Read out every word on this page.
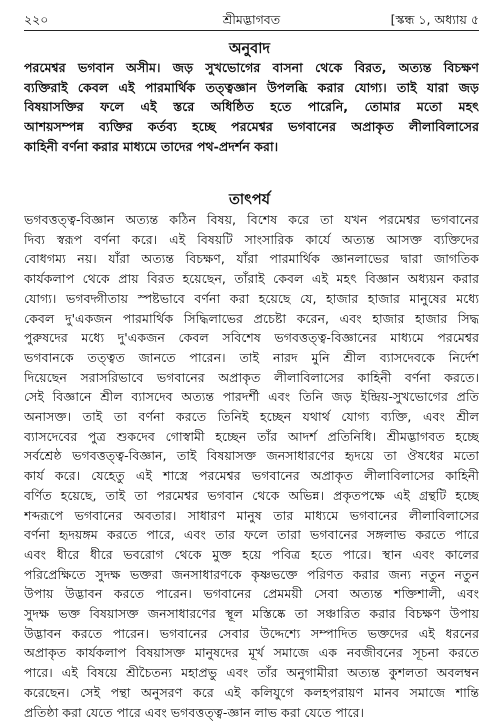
২২০	শ্রীমদ্ভাগবত	[স্কন্ধ ১, অধ্যায় ৫
অনুবাদ
পরমেশ্বর ভগবান অসীম। জড় সুখভোগের বাসনা থেকে বিরত, অত্যন্ত বিচক্ষণ
ব্যক্তিরাই কেবল এই পারমার্থিক তত্ত্বজ্ঞান উপলব্ধি করার যোগ্য। তাই যারা জড়
বিষয়াসক্তির ফলে এই স্তরে অধিষ্ঠিত হতে পারেনি, তোমার মতো মহৎ
আশয়সম্পন্ন ব্যক্তির কর্তব্য হচ্ছে পরমেশ্বর ভগবানের অপ্রাকৃত লীলাবিলাসের
কাহিনী বর্ণনা করার মাধ্যমে তাদের পথ-প্রদর্শন করা।
তাৎপর্য
ভগবত্তত্ত্ব-বিজ্ঞান অত্যন্ত কঠিন বিষয়, বিশেষ করে তা যখন পরমেশ্বর ভগবানের
দিব্য স্বরূপ বর্ণনা করে। এই বিষয়টি সাংসারিক কার্যে অত্যন্ত আসক্ত ব্যক্তিদের
বোধগম্য নয়। যাঁরা অত্যন্ত বিচক্ষণ, যাঁরা পারমার্থিক জ্ঞানলাভের দ্বারা জাগতিক
কার্যকলাপ থেকে প্রায় বিরত হয়েছেন, তাঁরাই কেবল এই মহৎ বিজ্ঞান অধ্যয়ন করার
যোগ্য। ভগবদ্গীতায় স্পষ্টভাবে বর্ণনা করা হয়েছে যে, হাজার হাজার মানুষের মধ্যে
কেবল দু'একজন পারমার্থিক সিদ্ধিলাভের প্রচেষ্টা করেন, এবং হাজার হাজার সিদ্ধ
পুরুষদের মধ্যে দু'একজন কেবল সবিশেষ ভগবত্তত্ত্ব-বিজ্ঞানের মাধ্যমে পরমেশ্বর
ভগবানকে তত্ত্বত জানতে পারেন। তাই নারদ মুনি শ্রীল ব্যাসদেবকে নির্দেশ
দিয়েছেন সরাসরিভাবে ভগবানের অপ্রাকৃত লীলাবিলাসের কাহিনী বর্ণনা করতে।
সেই বিজ্ঞানে শ্রীল ব্যাসদেব অত্যন্ত পারদর্শী এবং তিনি জড় ইন্দ্রিয়-সুখভোগের প্রতি
অনাসক্ত। তাই তা বর্ণনা করতে তিনিই হচ্ছেন যথার্থ যোগ্য ব্যক্তি, এবং শ্রীল
ব্যাসদেবের পুত্র শুকদেব গোস্বামী হচ্ছেন তাঁর আদর্শ প্রতিনিধি। শ্রীমদ্ভাগবত হচ্ছে
সর্বশ্রেষ্ঠ ভগবত্তত্ত্ব-বিজ্ঞান, তাই বিষয়াসক্ত জনসাধারণের হৃদয়ে তা ঔষধের মতো
কার্য করে। যেহেতু এই শাস্ত্রে পরমেশ্বর ভগবানের অপ্রাকৃত লীলাবিলাসের কাহিনী
বর্ণিত হয়েছে, তাই তা পরমেশ্বর ভগবান থেকে অভিন্ন। প্রকৃতপক্ষে এই গ্রন্থটি হচ্ছে
শব্দরূপে ভগবানের অবতার। সাধারণ মানুষ তার মাধ্যমে ভগবানের লীলাবিলাসের
বর্ণনা হৃদয়ঙ্গম করতে পারে, এবং তার ফলে তারা ভগবানের সঙ্গলাভ করতে পারে
এবং ধীরে ধীরে ভবরোগ থেকে মুক্ত হয়ে পবিত্র হতে পারে। স্থান এবং কালের
পরিপ্রেক্ষিতে সুদক্ষ ভক্তরা জনসাধারণকে কৃষ্ণভক্তে পরিণত করার জন্য নতুন নতুন
উপায় উদ্ভাবন করতে পারেন। ভগবানের প্রেমময়ী সেবা অত্যন্ত শক্তিশালী, এবং
সুদক্ষ ভক্ত বিষয়াসক্ত জনসাধারণের স্থূল মস্তিষ্কে তা সঞ্চারিত করার বিচক্ষণ উপায়
উদ্ভাবন করতে পারেন। ভগবানের সেবার উদ্দেশ্যে সম্পাদিত ভক্তদের এই ধরনের
অপ্রাকৃত কার্যকলাপ বিষয়াসক্ত মানুষদের মূর্খ সমাজে এক নবজীবনের সূচনা করতে
পারে। এই বিষয়ে শ্রীচৈতন্য মহাপ্রভু এবং তাঁর অনুগামীরা অত্যন্ত কুশলতা অবলম্বন
করেছেন। সেই পন্থা অনুসরণ করে এই কলিযুগে কলহপরায়ণ মানব সমাজে শান্তি
প্রতিষ্ঠা করা যেতে পারে এবং ভগবত্তত্ত্ব-জ্ঞান লাভ করা যেতে পারে।
